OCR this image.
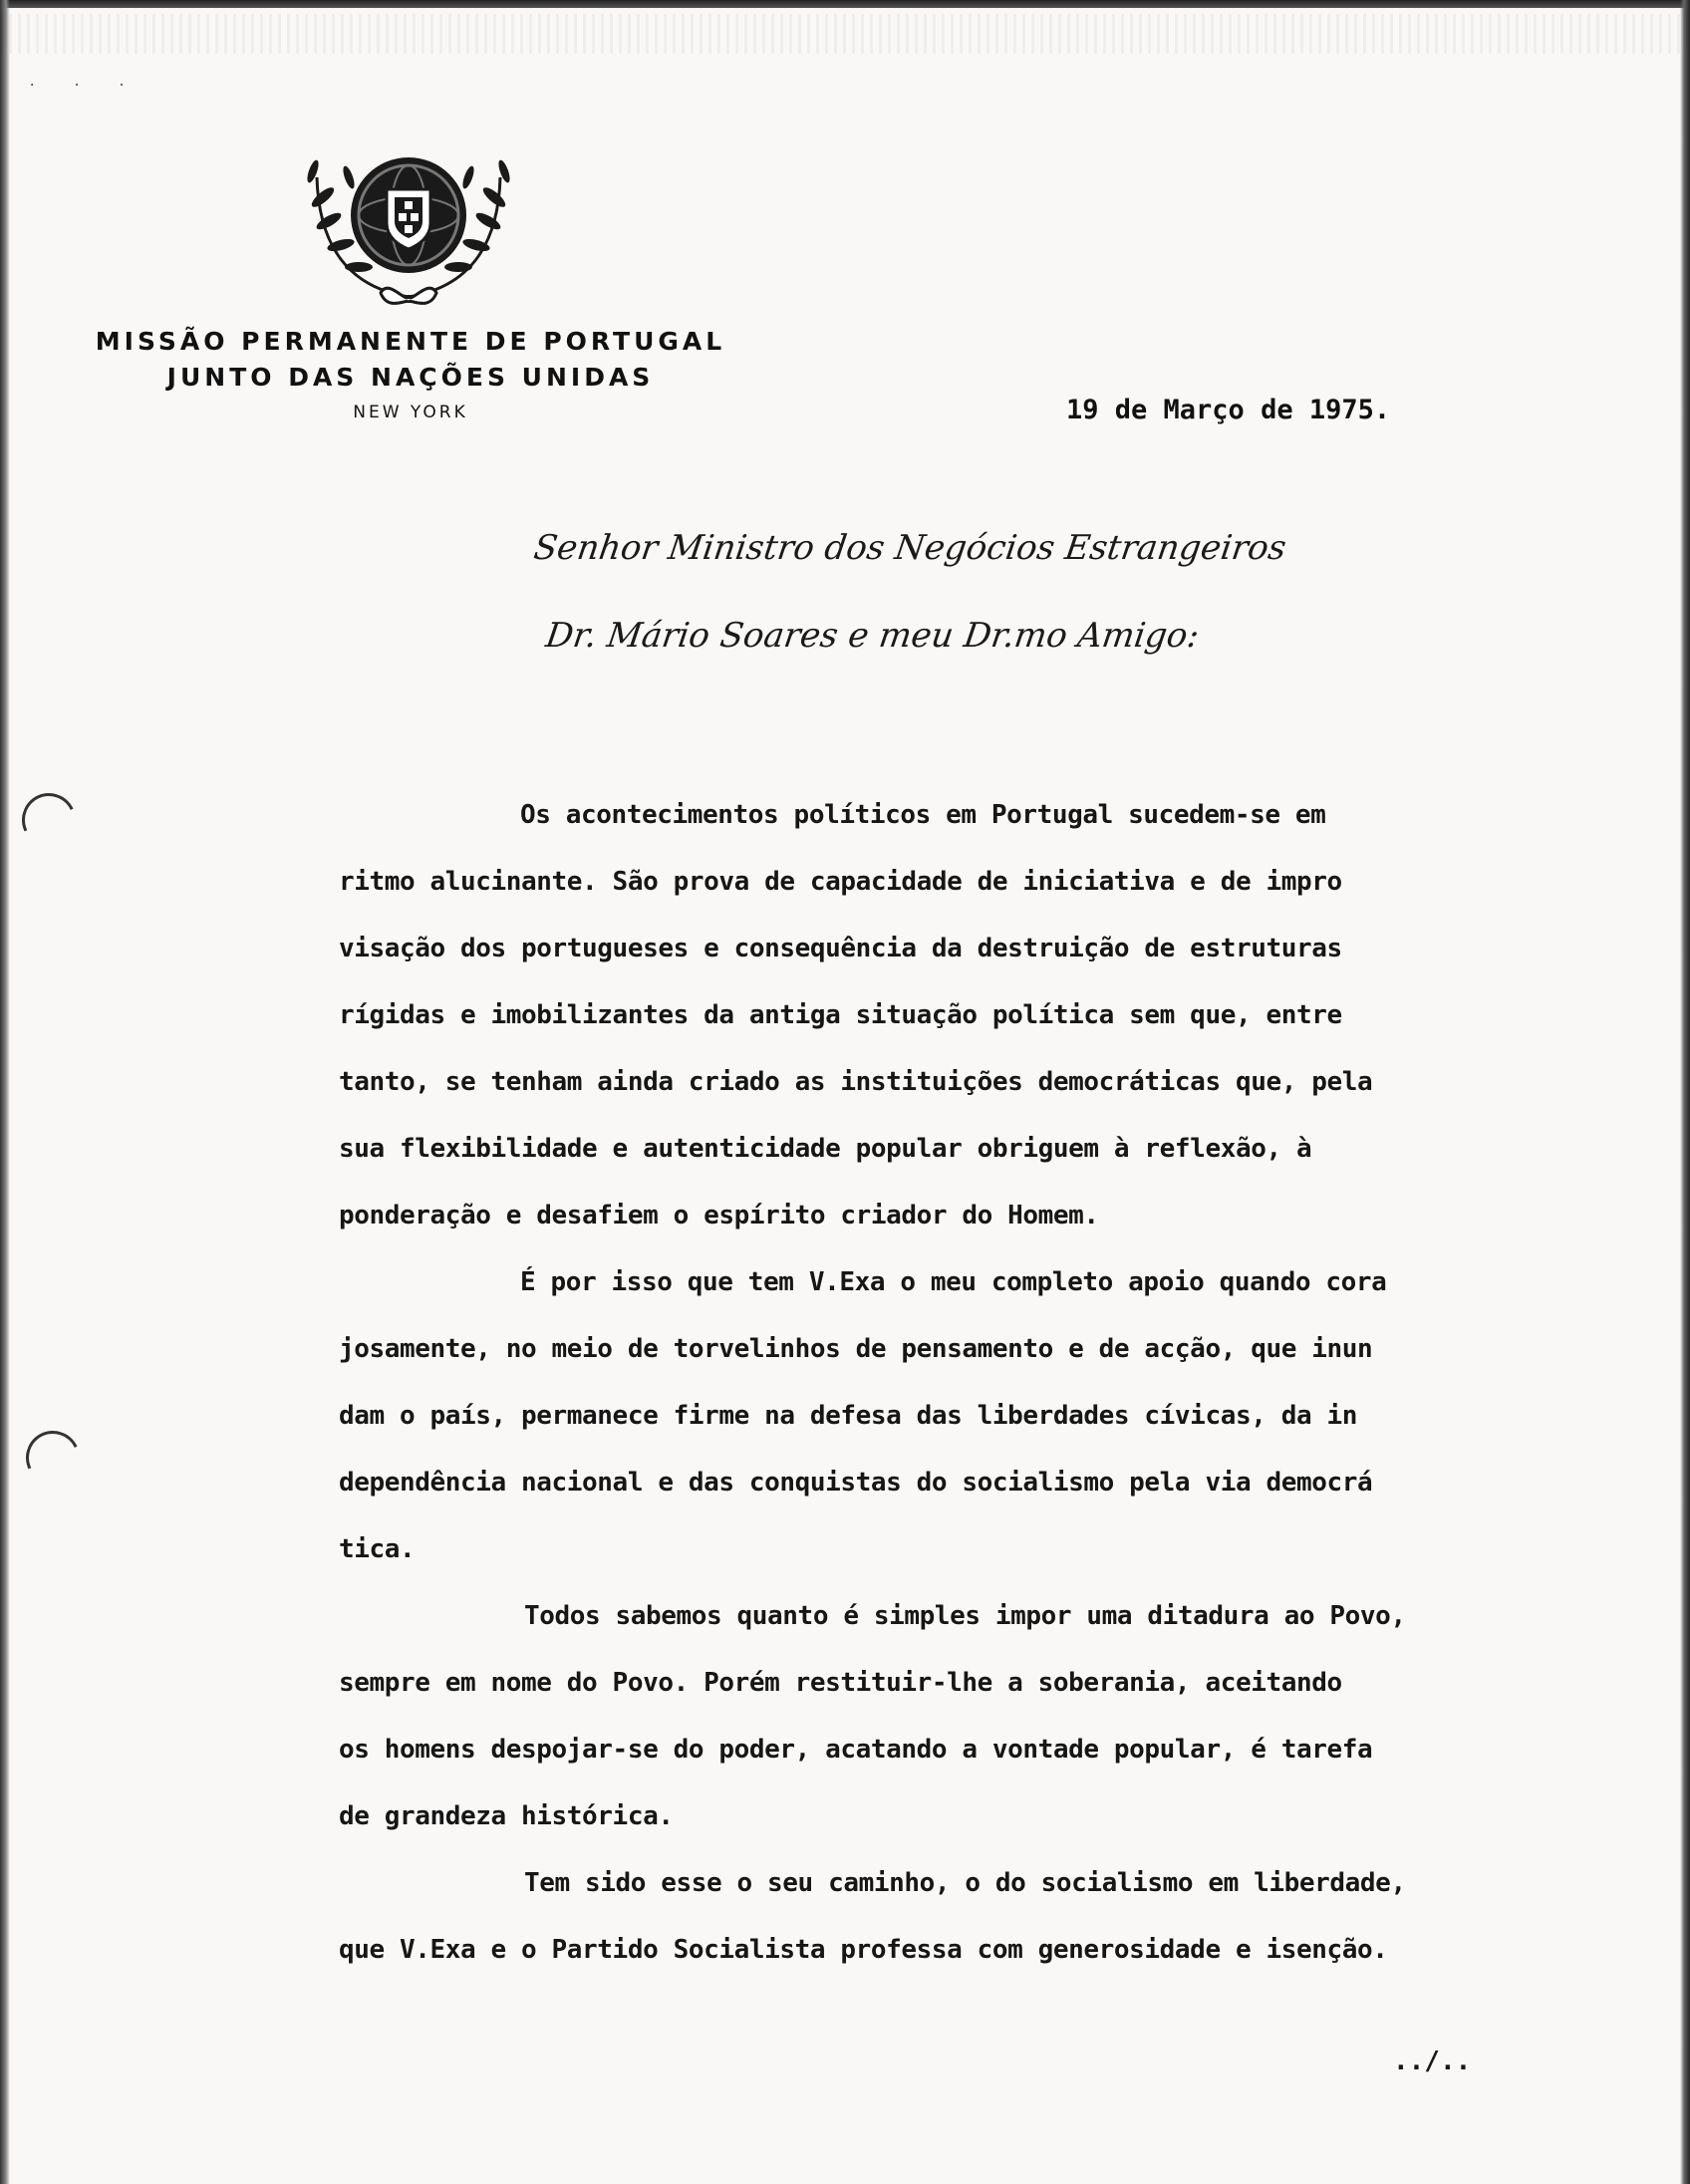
· · ·
MISSÃO PERMANENTE DE PORTUGAL
JUNTO DAS NAÇÕES UNIDAS
NEW YORK	19 de Março de 1975.
Senhor Ministro dos Negócios Estrangeiros
Dr. Mário Soares e meu Dr.mo Amigo:
Os acontecimentos políticos em Portugal sucedem-se em
ritmo alucinante. São prova de capacidade de iniciativa e de impro
visação dos portugueses e consequência da destruição de estruturas
rígidas e imobilizantes da antiga situação política sem que, entre
tanto, se tenham ainda criado as instituições democráticas que, pela
sua flexibilidade e autenticidade popular obriguem à reflexão, à
ponderação e desafiem o espírito criador do Homem.
É por isso que tem V.Exa o meu completo apoio quando cora
josamente, no meio de torvelinhos de pensamento e de acção, que inun
dam o país, permanece firme na defesa das liberdades cívicas, da in
dependência nacional e das conquistas do socialismo pela via democrá
tica.
Todos sabemos quanto é simples impor uma ditadura ao Povo,
sempre em nome do Povo. Porém restituir-lhe a soberania, aceitando
os homens despojar-se do poder, acatando a vontade popular, é tarefa
de grandeza histórica.
Tem sido esse o seu caminho, o do socialismo em liberdade,
que V.Exa e o Partido Socialista professa com generosidade e isenção.
../..
